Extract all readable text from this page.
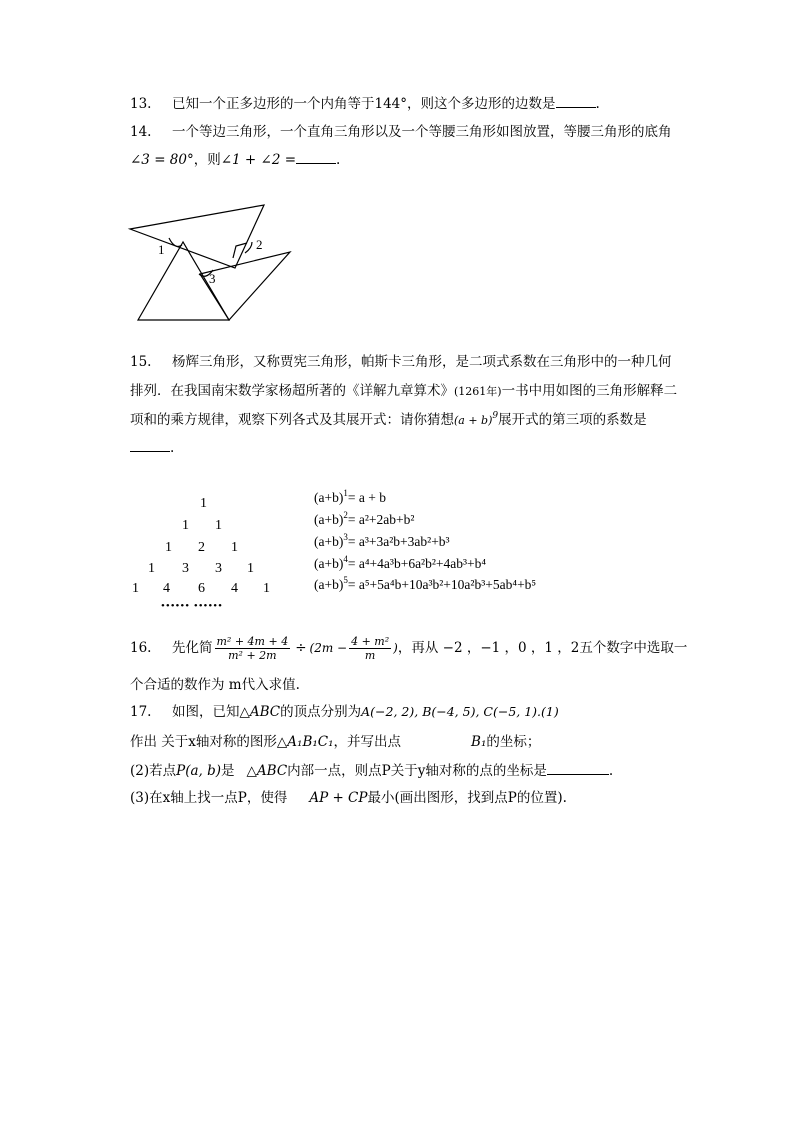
13. 已知一个正多边形的一个内角等于144°，则这个多边形的边数是	.
14. 一个等边三角形，一个直角三角形以及一个等腰三角形如图放置，等腰三角形的底角
∠3 = 80°，则∠1 + ∠2 =	.
1	2
3
15. 杨辉三角形，又称贾宪三角形，帕斯卡三角形，是二项式系数在三角形中的一种几何
排列．在我国南宋数学家杨超所著的《详解九章算术》(1261年)一书中用如图的三角形解释二
项和的乘方规律，观察下列各式及其展开式：请你猜想$(a + b)^9$展开式的第三项的系数是
.
1
1 1
1 2 1
1 3 3 1
1 4 6 4 1
•••••• ••••••
$(a+b)^1= a + b$
$(a+b)^2= a^2+2ab+b^2$
$(a+b)^3= a^3+3a^2b+3ab^2+b^3$
$(a+b)^4= a^4+4a^3b+6a^2b^2+4ab^3+b^4$
$(a+b)^5= a^5+5a^4b+10a^3b^2+10a^2b^3+5ab^4+b^5$
16. 先化简 $\frac{\text{m² + 4m + 4}}{\text{m² + 2m}} \div (2m - \frac{\text{4 + m²}}{m}$ )，再从 −2 ，−1 ，0 ，1 ，2五个数字中选取一
个合适的数作为 m代入求值.
17. 如图，已知△ABC的顶点分别为A(−2, 2), B(−4, 5), C(−5, 1).(1)
作出 关于x轴对称的图形△A₁B₁C₁，并写出点	B₁的坐标；
(2)若点P(a, b)是 △ABC内部一点，则点P关于y轴对称的点的坐标是	.
(3)在x轴上找一点P，使得 AP + CP最小(画出图形，找到点P的位置).
